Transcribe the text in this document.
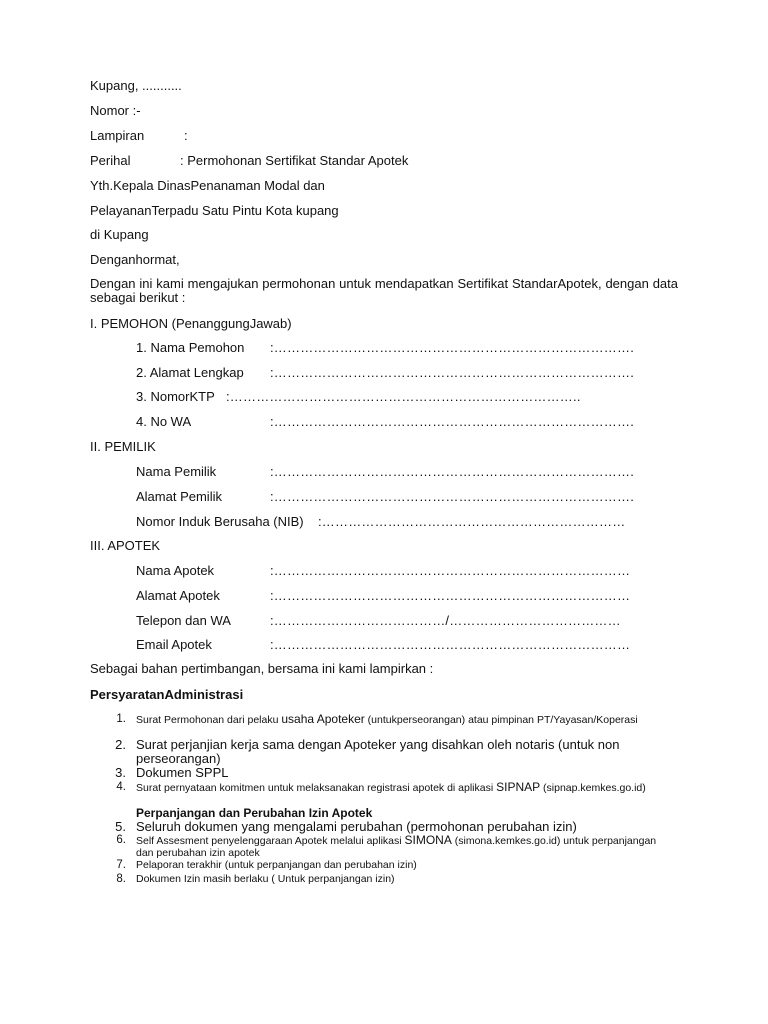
Kupang, ...........
Nomor :-
Lampiran	:
Perihal	: Permohonan Sertifikat Standar Apotek
Yth.Kepala DinasPenanaman Modal dan
PelayananTerpadu Satu Pintu Kota kupang
di Kupang
Denganhormat,
Dengan ini kami mengajukan permohonan untuk mendapatkan Sertifikat StandarApotek, dengan data sebagai berikut :
I. PEMOHON (PenanggungJawab)
1. Nama Pemohon :……………………………………………………………………….
2. Alamat Lengkap :……………………………………………………………………….
3. NomorKTP :……………………………………………………………………..
4. No WA	:……………………………………………………………………….
II. PEMILIK
Nama Pemilik	:……………………………………………………………………….
Alamat Pemilik	:……………………………………………………………………….
Nomor Induk Berusaha (NIB) :……………………………………………………………
III. APOTEK
Nama Apotek	:………………………………………………………………………
Alamat Apotek	:………………………………………………………………………
Telepon dan WA	:…………………………………/…………………………………
Email Apotek	:………………………………………………………………………
Sebagai bahan pertimbangan, bersama ini kami lampirkan :
PersyaratanAdministrasi
1. Surat Permohonan dari pelaku usaha Apoteker (untukperseorangan) atau pimpinan PT/Yayasan/Koperasi
2. Surat perjanjian kerja sama dengan Apoteker yang disahkan oleh notaris (untuk non perseorangan)
3. Dokumen SPPL
4. Surat pernyataan komitmen untuk melaksanakan registrasi apotek di aplikasi SIPNAP (sipnap.kemkes.go.id)
Perpanjangan dan Perubahan Izin Apotek
5. Seluruh dokumen yang mengalami perubahan (permohonan perubahan izin)
6. Self Assesment penyelenggaraan Apotek melalui aplikasi SIMONA (simona.kemkes.go.id) untuk perpanjangan dan perubahan izin apotek
7. Pelaporan terakhir (untuk perpanjangan dan perubahan izin)
8. Dokumen Izin masih berlaku ( Untuk perpanjangan izin)
